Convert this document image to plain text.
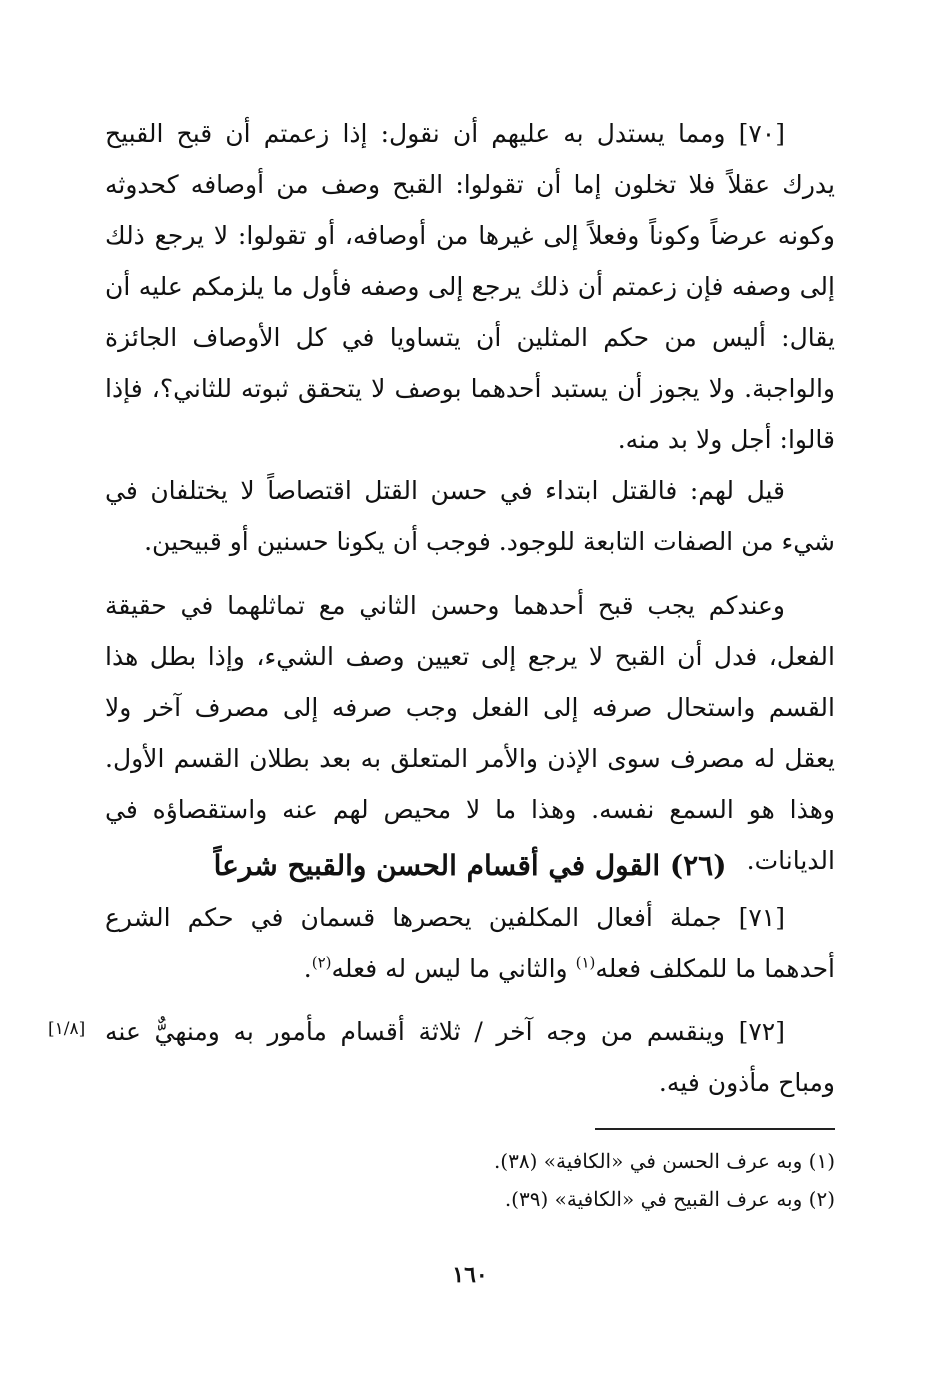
[٧٠] ومما يستدل به عليهم أن نقول: إذا زعمتم أن قبح القبيح يدرك عقلاً فلا تخلون إما أن تقولوا: القبح وصف من أوصافه كحدوثه وكونه عرضاً وكوناً وفعلاً إلى غيرها من أوصافه، أو تقولوا: لا يرجع ذلك إلى وصفه فإن زعمتم أن ذلك يرجع إلى وصفه فأول ما يلزمكم عليه أن يقال: أليس من حكم المثلين أن يتساويا في كل الأوصاف الجائزة والواجبة. ولا يجوز أن يستبد أحدهما بوصف لا يتحقق ثبوته للثاني؟، فإذا قالوا: أجل ولا بد منه.

قيل لهم: فالقتل ابتداء في حسن القتل اقتصاصاً لا يختلفان في شيء من الصفات التابعة للوجود. فوجب أن يكونا حسنين أو قبيحين.

وعندكم يجب قبح أحدهما وحسن الثاني مع تماثلهما في حقيقة الفعل، فدل أن القبح لا يرجع إلى تعيين وصف الشيء، وإذا بطل هذا القسم واستحال صرفه إلى الفعل وجب صرفه إلى مصرف آخر ولا يعقل له مصرف سوى الإذن والأمر المتعلق به بعد بطلان القسم الأول. وهذا هو السمع نفسه. وهذا ما لا محيص لهم عنه واستقصاؤه في الديانات.

(٢٦) القول في أقسام الحسن والقبيح شرعاً

[٧١] جملة أفعال المكلفين يحصرها قسمان في حكم الشرع أحدهما ما للمكلف فعله$^{(١)}$ والثاني ما ليس له فعله$^{(٢)}$.

[٧٢] وينقسم من وجه آخر / ثلاثة أقسام مأمور به ومنهيٌّ عنه ومباح مأذون فيه.

[١/٨]

(١) وبه عرف الحسن في «الكافية» (٣٨).

(٢) وبه عرف القبيح في «الكافية» (٣٩).

١٦٠
